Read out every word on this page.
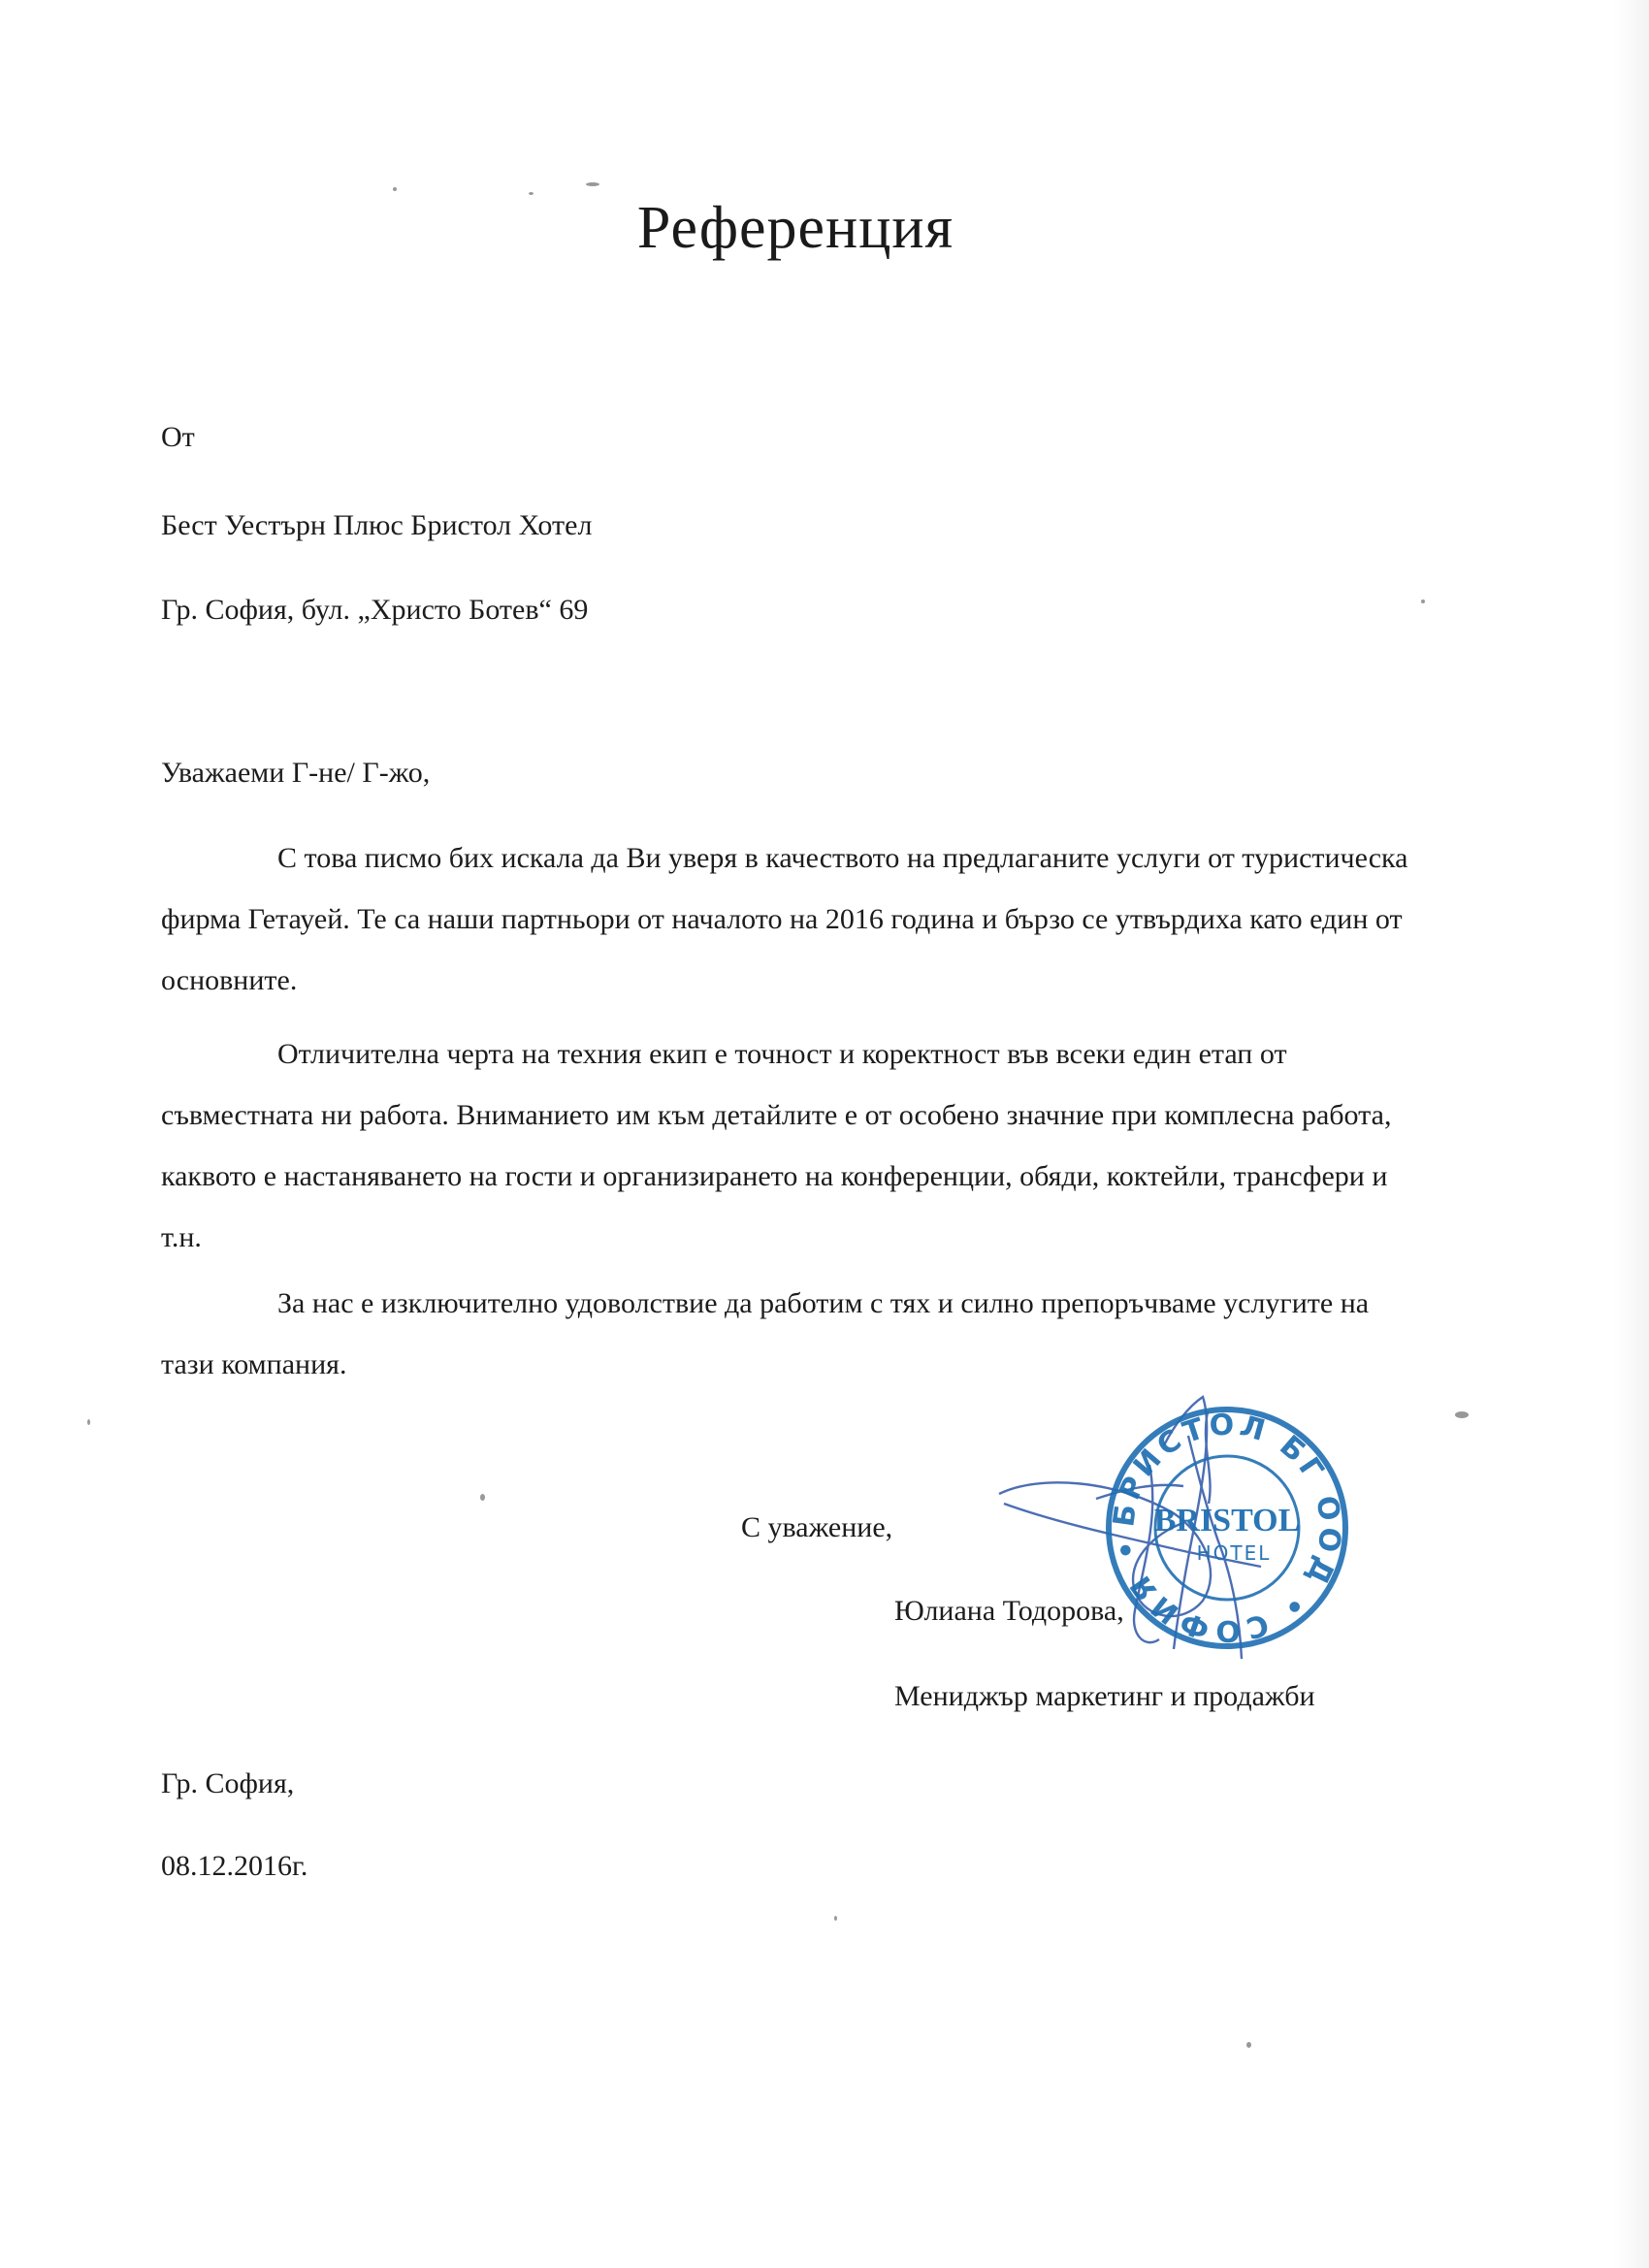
Референция
От
Бест Уестърн Плюс Бристол Хотел
Гр. София, бул. „Христо Ботев“ 69
Уважаеми Г-не/ Г-жо,
С това писмо бих искала да Ви уверя в качеството на предлаганите услуги от туристическа фирма Гетауей. Те са наши партньори от началото на 2016 година и бързо се утвърдиха като един от основните.
Отличителна черта на техния екип е точност и коректност във всеки един етап от съвместната ни работа. Вниманието им към детайлите е от особено значние при комплесна работа, каквото е настаняването на гости и организирането на конференции, обяди, коктейли, трансфери и т.н.
За нас е изключително удоволствие да работим с тях и силно препоръчваме услугите на тази компания.
С уважение,
Юлиана Тодорова,
Мениджър маркетинг и продажби
Гр. София,
08.12.2016г.
БРИСТОЛ БГ ООД • СОФИЯ •
BRISTOL
HOTEL
